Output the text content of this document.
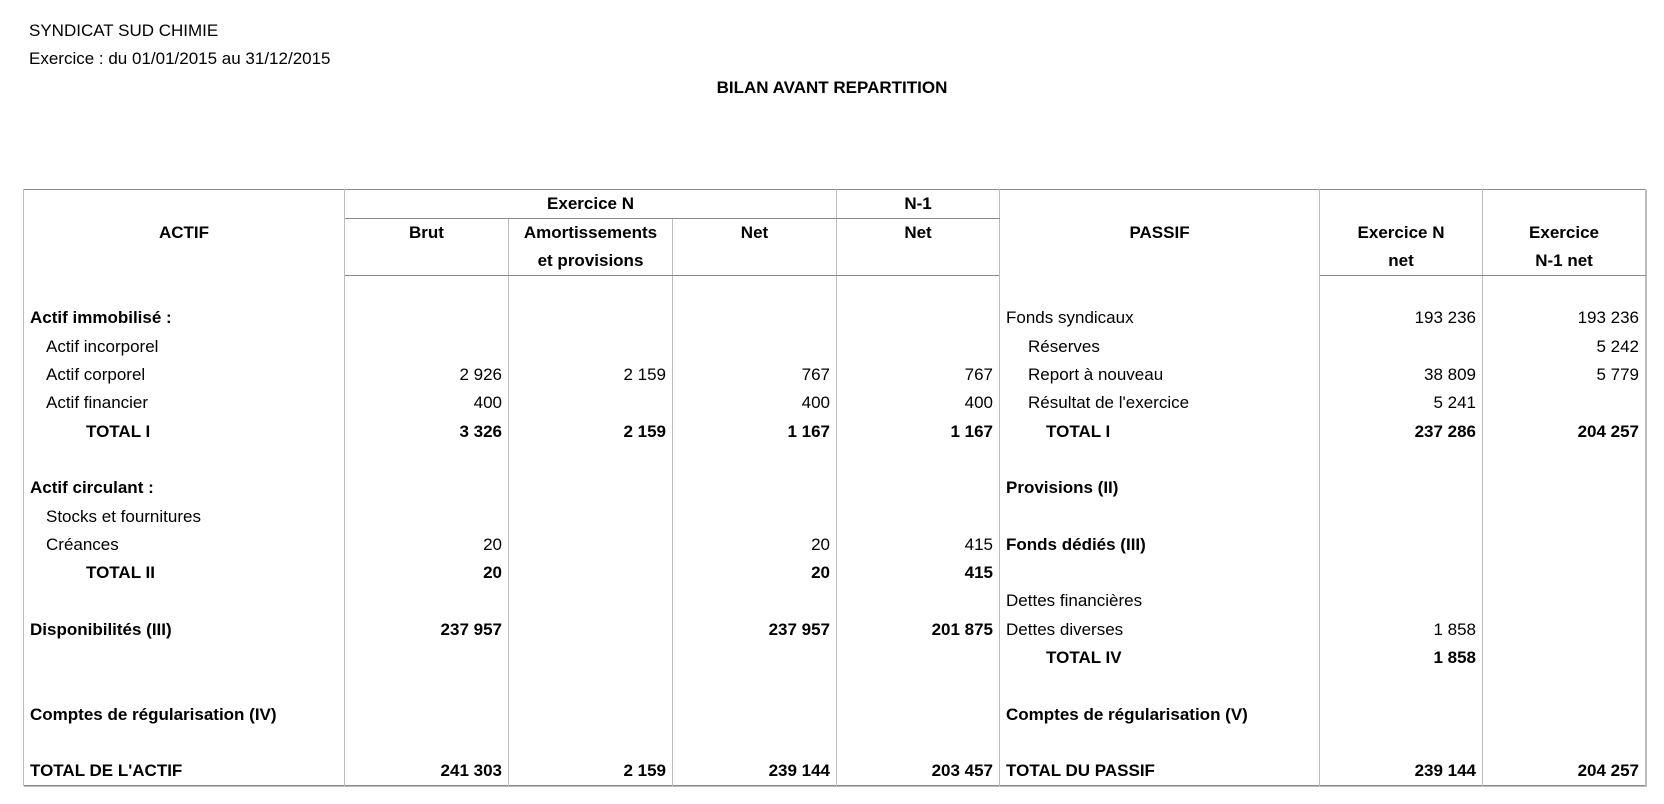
SYNDICAT SUD CHIMIE
Exercice : du 01/01/2015 au 31/12/2015
BILAN AVANT REPARTITION
ACTIF	Exercice N			N-1	PASSIF		
	Brut	Amortissements	Net	Net		Exercice N	Exercice
		et provisions				net	N-1 net

Actif immobilisé :					Fonds syndicaux	193 236	193 236
Actif incorporel					Réserves		5 242
Actif corporel	2 926	2 159	767	767	Report à nouveau	38 809	5 779
Actif financier	400		400	400	Résultat de l'exercice	5 241	
TOTAL I	3 326	2 159	1 167	1 167	TOTAL I	237 286	204 257

Actif circulant :					Provisions (II)		
Stocks et fournitures							
Créances	20		20	415	Fonds dédiés (III)		
TOTAL II	20		20	415			
					Dettes financières		
Disponibilités (III)	237 957		237 957	201 875	Dettes diverses	1 858	
					TOTAL IV	1 858	

Comptes de régularisation (IV)					Comptes de régularisation (V)		

TOTAL DE L'ACTIF	241 303	2 159	239 144	203 457	TOTAL DU PASSIF	239 144	204 257
